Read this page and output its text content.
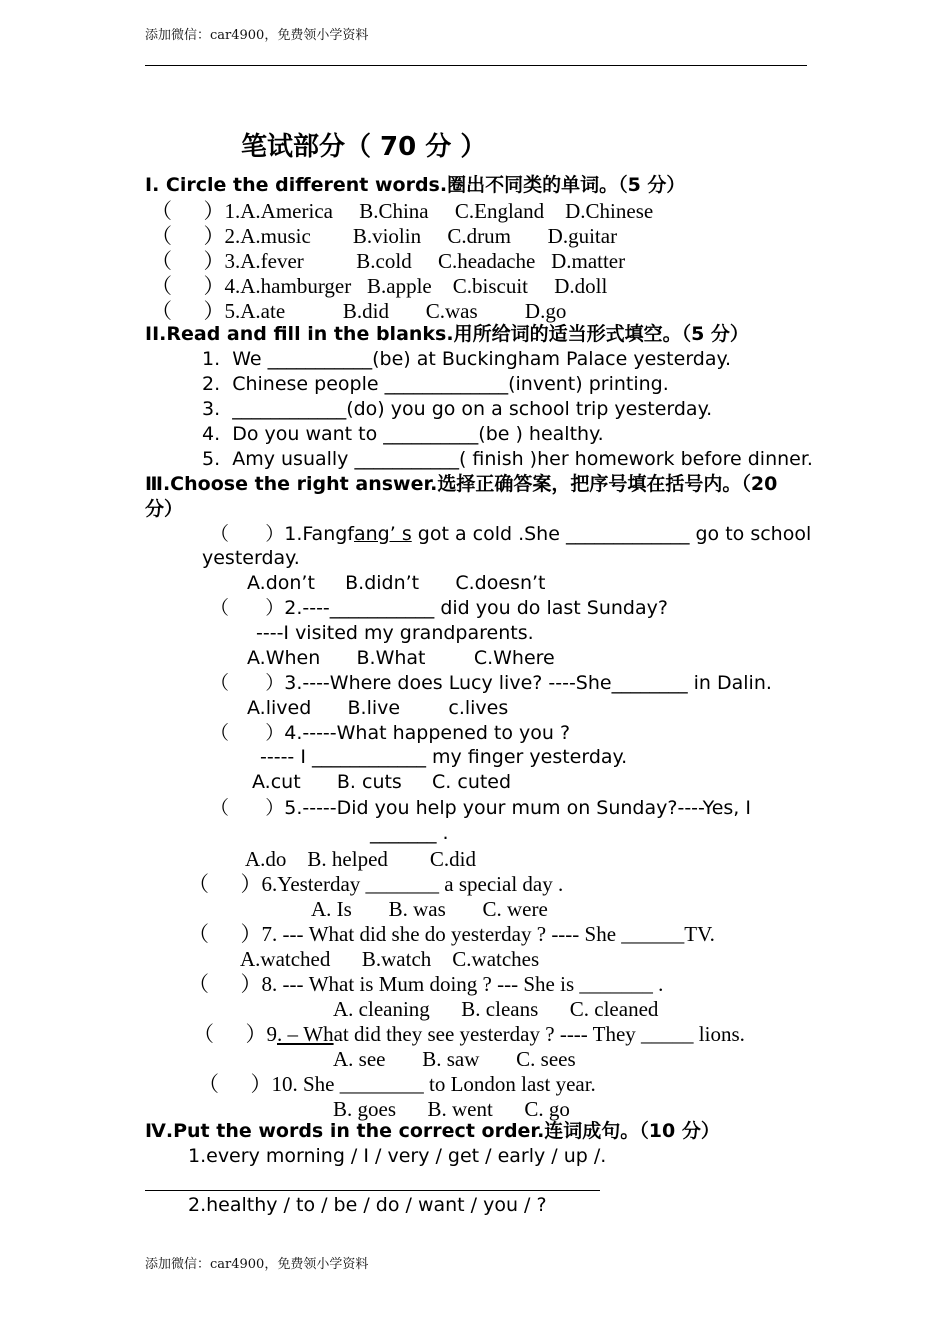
添加微信：car4900，免费领小学资料
笔试部分（ 70 分 ）
I. Circle the different words.圈出不同类的单词。（5 分）
（      ）1.A.America     B.China     C.England    D.Chinese
（      ）2.A.music        B.violin     C.drum       D.guitar
（      ）3.A.fever          B.cold     C.headache   D.matter
（      ）4.A.hamburger   B.apple    C.biscuit     D.doll
（      ）5.A.ate           B.did       C.was         D.go
II.Read and fill in the blanks.用所给词的适当形式填空。（5 分）
1.  We ___________(be) at Buckingham Palace yesterday.
2.  Chinese people _____________(invent) printing.
3.  ____________(do) you go on a school trip yesterday.
4.  Do you want to __________(be ) healthy.
5.  Amy usually ___________( finish )her homework before dinner.
Ⅲ.Choose the right answer.选择正确答案，把序号填在括号内。（20
分）
（      ）1.Fangfang’ s got a cold .She _____________ go to school
yesterday.
A.don’t     B.didn’t      C.doesn’t
（      ）2.----___________ did you do last Sunday?
----I visited my grandparents.
A.When      B.What        C.Where
（      ）3.----Where does Lucy live? ----She________ in Dalin.
A.lived      B.live        c.lives
（      ）4.-----What happened to you ?
----- I ____________ my finger yesterday.
A.cut      B. cuts     C. cuted
（      ）5.-----Did you help your mum on Sunday?----Yes, I
_______ .
A.do    B. helped        C.did
（      ）6.Yesterday _______ a special day .
A. Is       B. was       C. were
（      ）7. --- What did she do yesterday ? ---- She ______TV.
A.watched      B.watch    C.watches
（      ）8. --- What is Mum doing ? --- She is _______ .
A. cleaning      B. cleans      C. cleaned
（      ）9. – What did they see yesterday ? ---- They _____ lions.
A. see       B. saw       C. sees
（      ）10. She ________ to London last year.
B. goes      B. went      C. go
Ⅳ.Put the words in the correct order.连词成句。（10 分）
1.every morning / I / very / get / early / up /.
2.healthy / to / be / do / want / you / ?
添加微信：car4900，免费领小学资料
